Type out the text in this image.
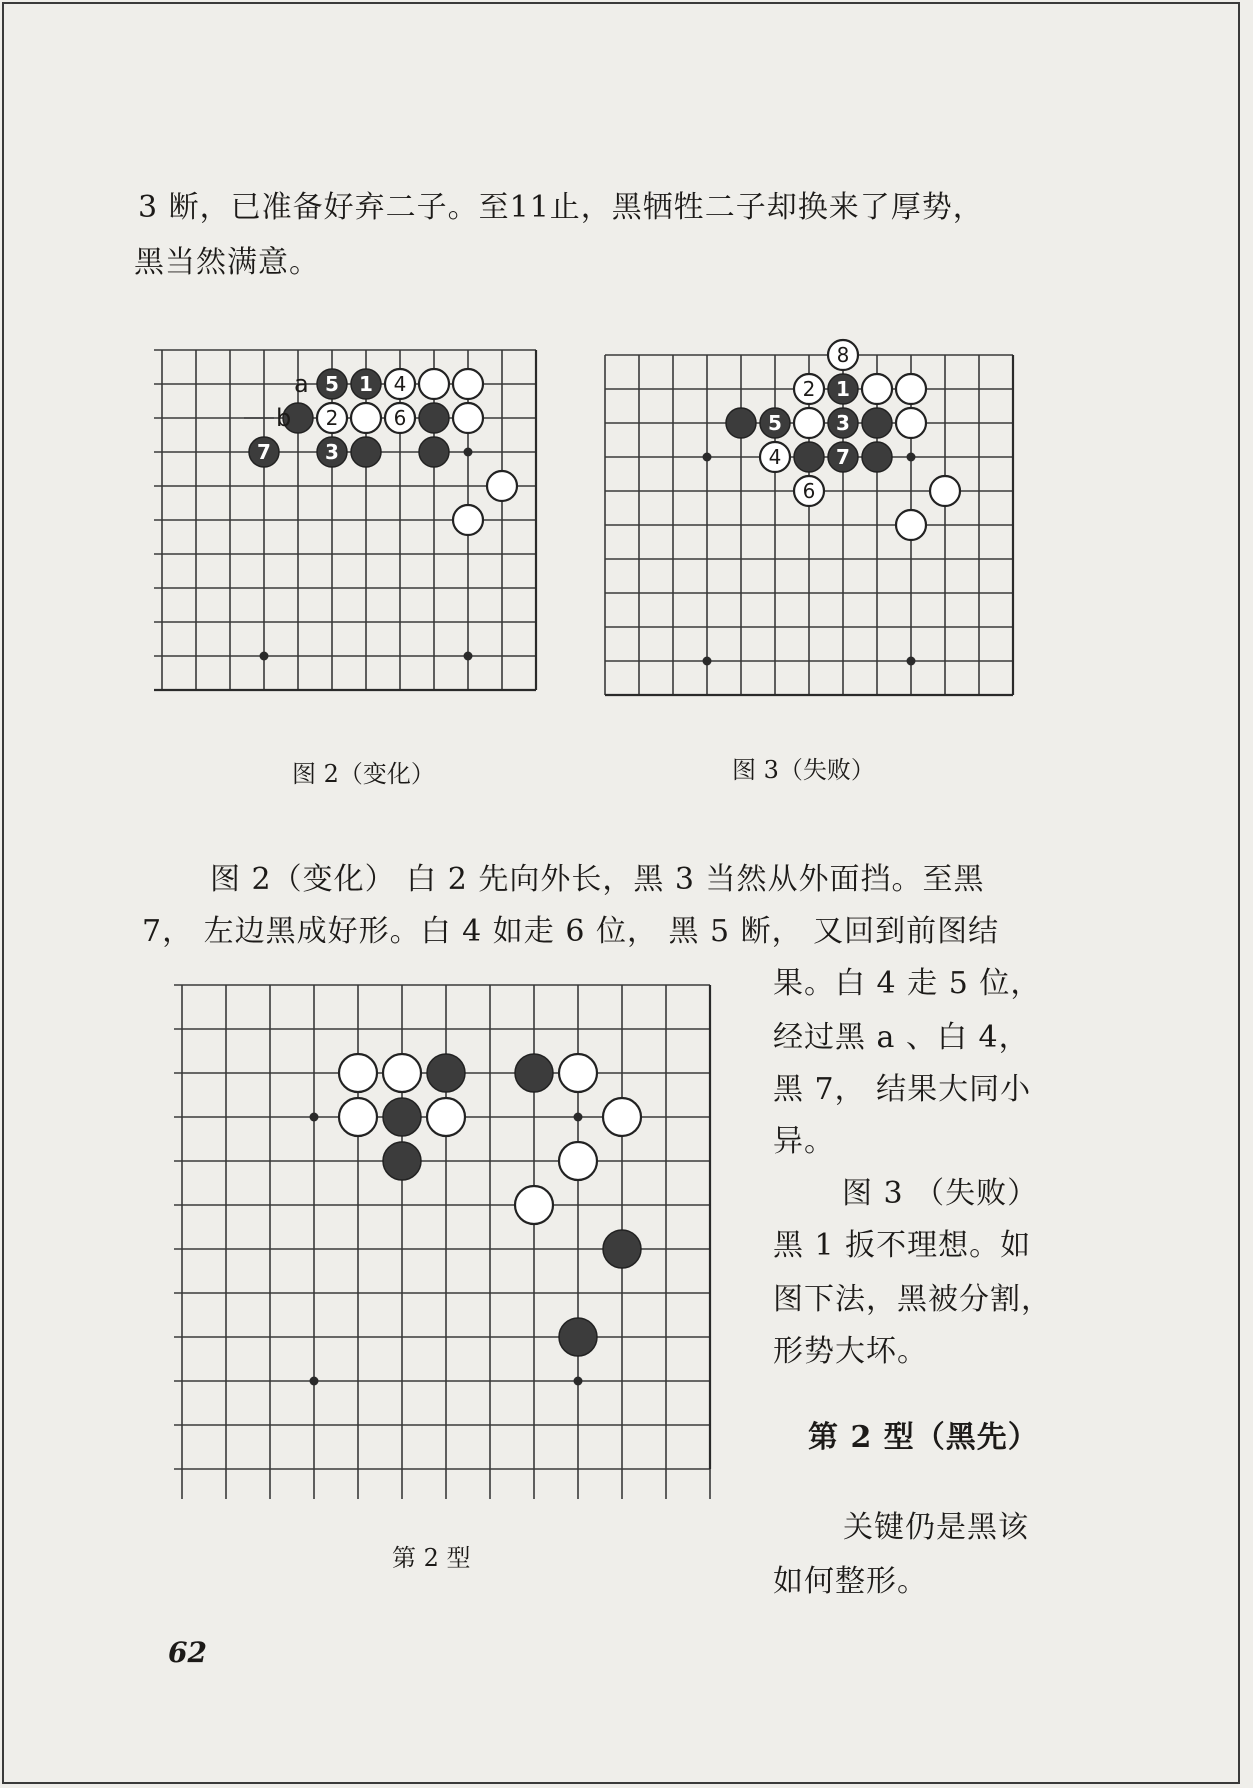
3 断，已准备好弃二子。至11止，黑牺牲二子却换来了厚势，
黑当然满意。
5 1 4
2	6
7	3
a
b
图 2（变化）
8
2 1
5	3
4	7
6
图 3（失败）
图 2（变化） 白 2 先向外长，黑 3 当然从外面挡。至黑
7， 左边黑成好形。白 4 如走 6 位， 黑 5 断， 又回到前图结
第 2 型
果。白 4 走 5 位，
经过黑 a 、白 4，
黑 7， 结果大同小
异。
图 3 （失败）
黑 1 扳不理想。如
图下法，黑被分割，
形势大坏。
第 2 型（黑先）
关键仍是黑该
如何整形。
62
